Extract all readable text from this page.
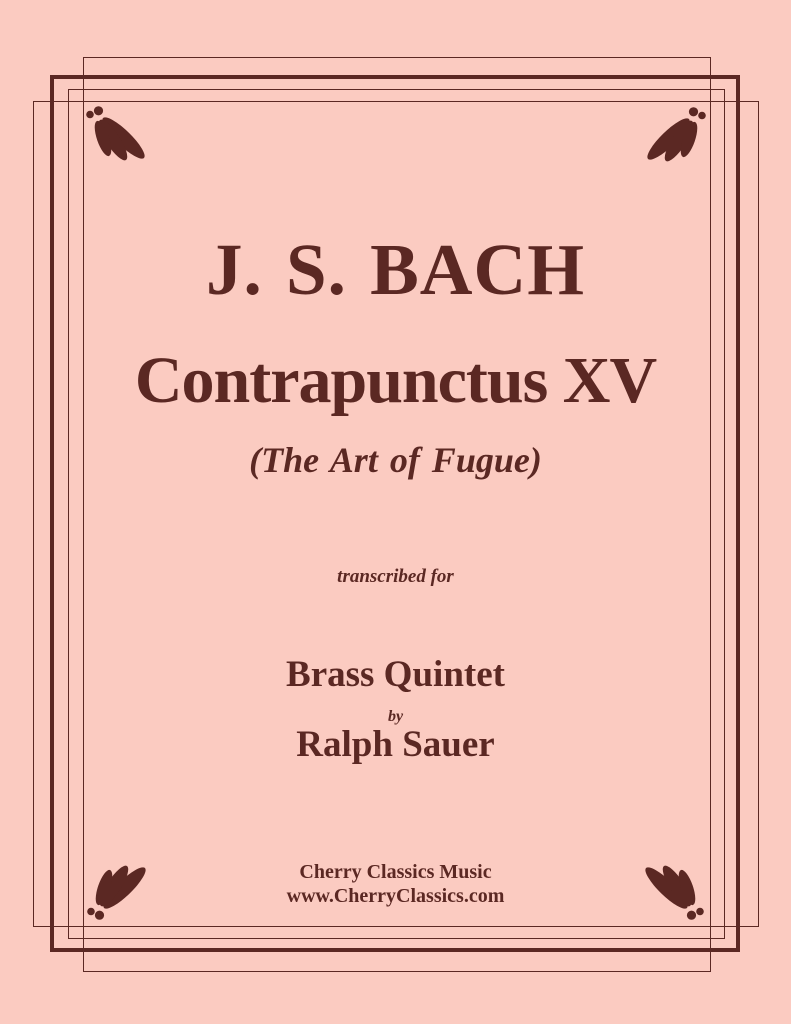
J. S. BACH
Contrapunctus XV
(The Art of Fugue)
transcribed for
Brass Quintet
by
Ralph Sauer
Cherry Classics Music
www.CherryClassics.com
